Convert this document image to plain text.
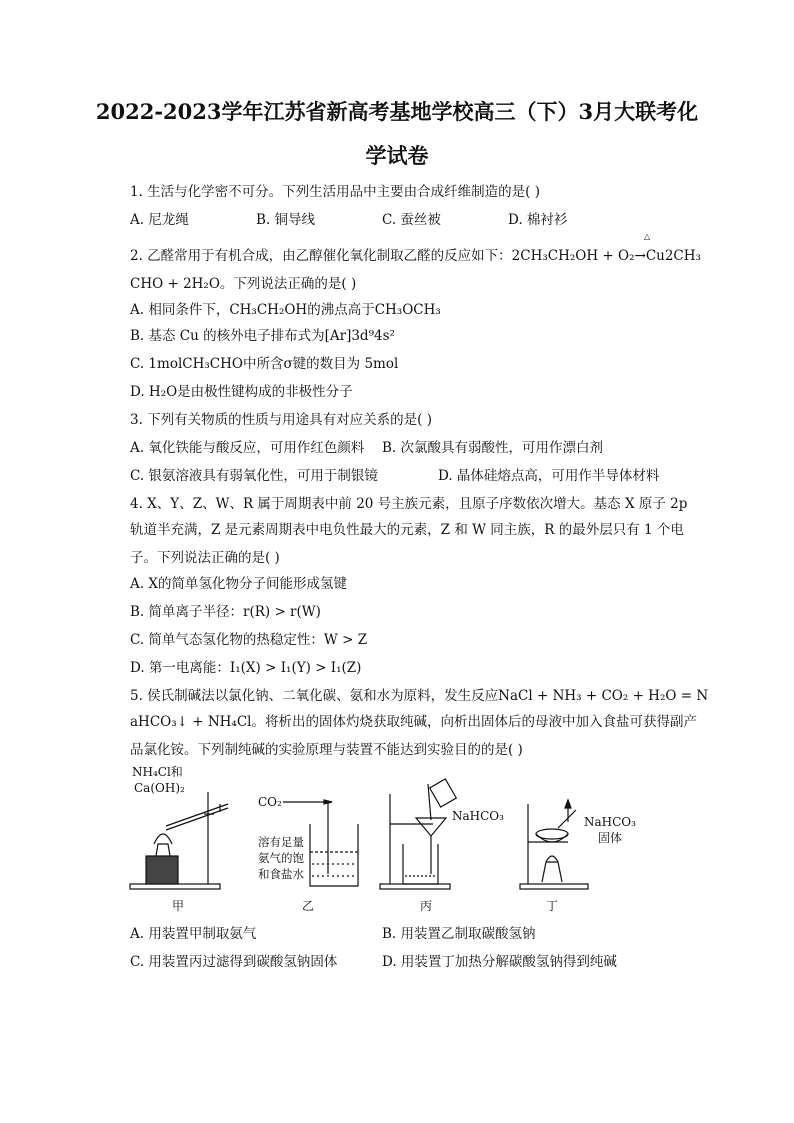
2022-2023学年江苏省新高考基地学校高三（下）3月大联考化
学试卷
1. 生活与化学密不可分。下列生活用品中主要由合成纤维制造的是( )
A. 尼龙绳	B. 铜导线	C. 蚕丝被	D. 棉衬衫
△
2. 乙醛常用于有机合成，由乙醇催化氧化制取乙醛的反应如下：2CH₃CH₂OH + O₂→Cu2CH₃
CHO + 2H₂O。下列说法正确的是( )
A. 相同条件下，CH₃CH₂OH的沸点高于CH₃OCH₃
B. 基态 Cu 的核外电子排布式为[Ar]3d⁹4s²
C. 1molCH₃CHO中所含σ键的数目为 5mol
D. H₂O是由极性键构成的非极性分子
3. 下列有关物质的性质与用途具有对应关系的是( )
A. 氧化铁能与酸反应，可用作红色颜料 B. 次氯酸具有弱酸性，可用作漂白剂
C. 银氨溶液具有弱氧化性，可用于制银镜	D. 晶体硅熔点高，可用作半导体材料
4. X、Y、Z、W、R 属于周期表中前 20 号主族元素，且原子序数依次增大。基态 X 原子 2p
轨道半充满，Z 是元素周期表中电负性最大的元素，Z 和 W 同主族，R 的最外层只有 1 个电
子。下列说法正确的是( )
A. X的简单氢化物分子间能形成氢键
B. 简单离子半径：r(R) > r(W)
C. 简单气态氢化物的热稳定性：W > Z
D. 第一电离能：I₁(X) > I₁(Y) > I₁(Z)
5. 侯氏制碱法以氯化钠、二氧化碳、氨和水为原料，发生反应NaCl + NH₃ + CO₂ + H₂O = N
aHCO₃↓ + NH₄Cl。将析出的固体灼烧获取纯碱，向析出固体后的母液中加入食盐可获得副产
品氯化铵。下列制纯碱的实验原理与装置不能达到实验目的的是( )
NH₄Cl和
Ca(OH)₂
CO₂
溶有足量
氨气的饱
和食盐水
NaHCO₃	NaHCO₃
固体
甲	乙	丙	丁
A. 用装置甲制取氨气	B. 用装置乙制取碳酸氢钠
C. 用装置丙过滤得到碳酸氢钠固体	D. 用装置丁加热分解碳酸氢钠得到纯碱
